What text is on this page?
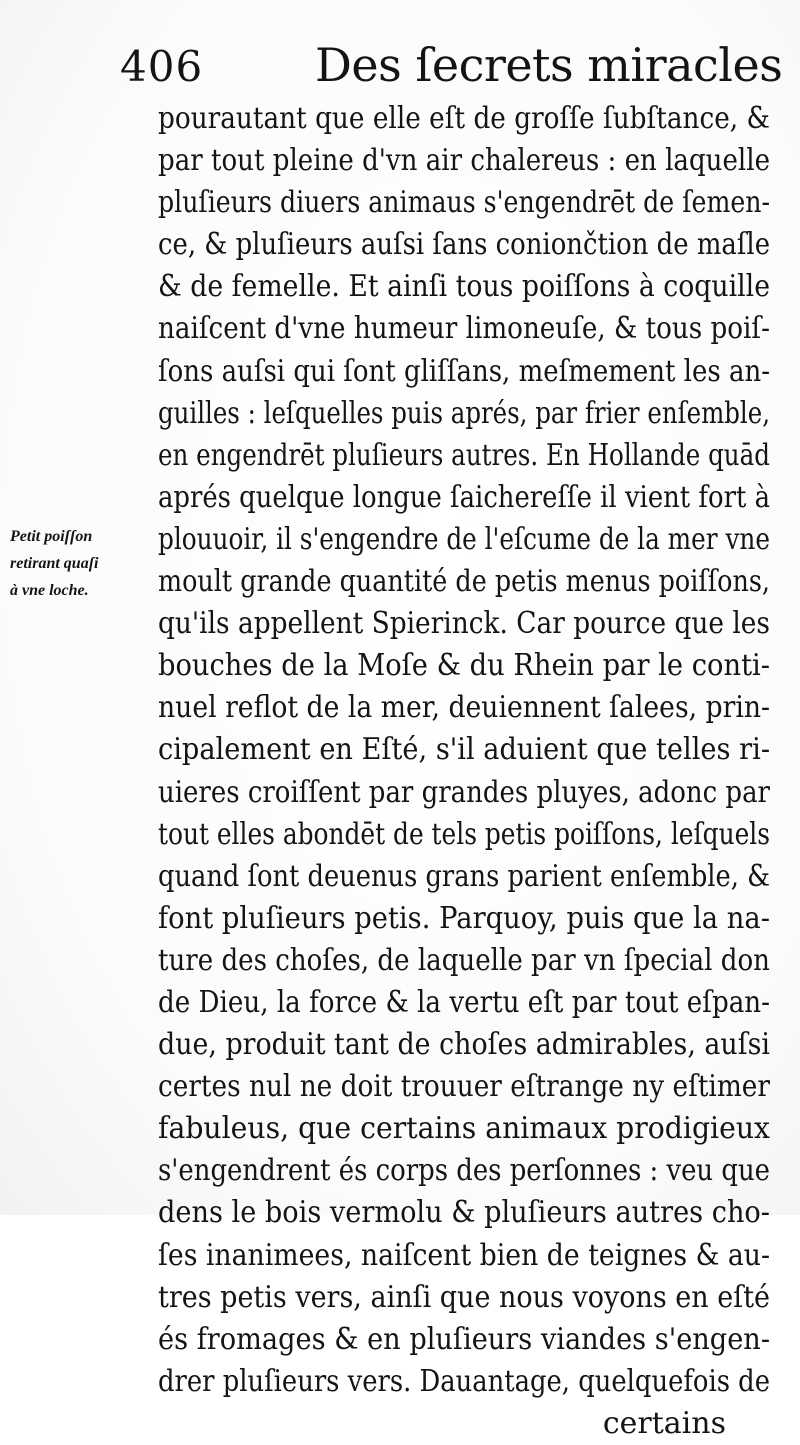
406 Des ſecrets miracles
Petit poiſſon
retirant quaſi
à vne loche.
pourautant que elle eſt de groſſe ſubſtance, &
par tout pleine d'vn air chalereus : en laquelle
pluſieurs diuers animaus s'engendrēt de ſemen-
ce, & pluſieurs auſsi ſans coniončtion de maſle
& de femelle. Et ainſi tous poiſſons à coquille
naiſcent d'vne humeur limoneuſe, & tous poiſ-
ſons auſsi qui ſont gliſſans, meſmement les an-
guilles : leſquelles puis aprés, par frier enſemble,
en engendrēt pluſieurs autres. En Hollande quād
aprés quelque longue ſaichereſſe il vient fort à
plouuoir, il s'engendre de l'eſcume de la mer vne
moult grande quantité de petis menus poiſſons,
qu'ils appellent Spierinck. Car pource que les
bouches de la Moſe & du Rhein par le conti-
nuel reflot de la mer, deuiennent ſalees, prin-
cipalement en Eſté, s'il aduient que telles ri-
uieres croiſſent par grandes pluyes, adonc par
tout elles abondēt de tels petis poiſſons, leſquels
quand ſont deuenus grans parient enſemble, &
font pluſieurs petis. Parquoy, puis que la na-
ture des choſes, de laquelle par vn ſpecial don
de Dieu, la force & la vertu eſt par tout eſpan-
due, produit tant de choſes admirables, auſsi
certes nul ne doit trouuer eſtrange ny eſtimer
fabuleus, que certains animaux prodigieux
s'engendrent és corps des perſonnes : veu que
dens le bois vermolu & pluſieurs autres cho-
ſes inanimees, naiſcent bien de teignes & au-
tres petis vers, ainſi que nous voyons en eſté
és fromages & en pluſieurs viandes s'engen-
drer pluſieurs vers. Dauantage, quelquefois de
certains
